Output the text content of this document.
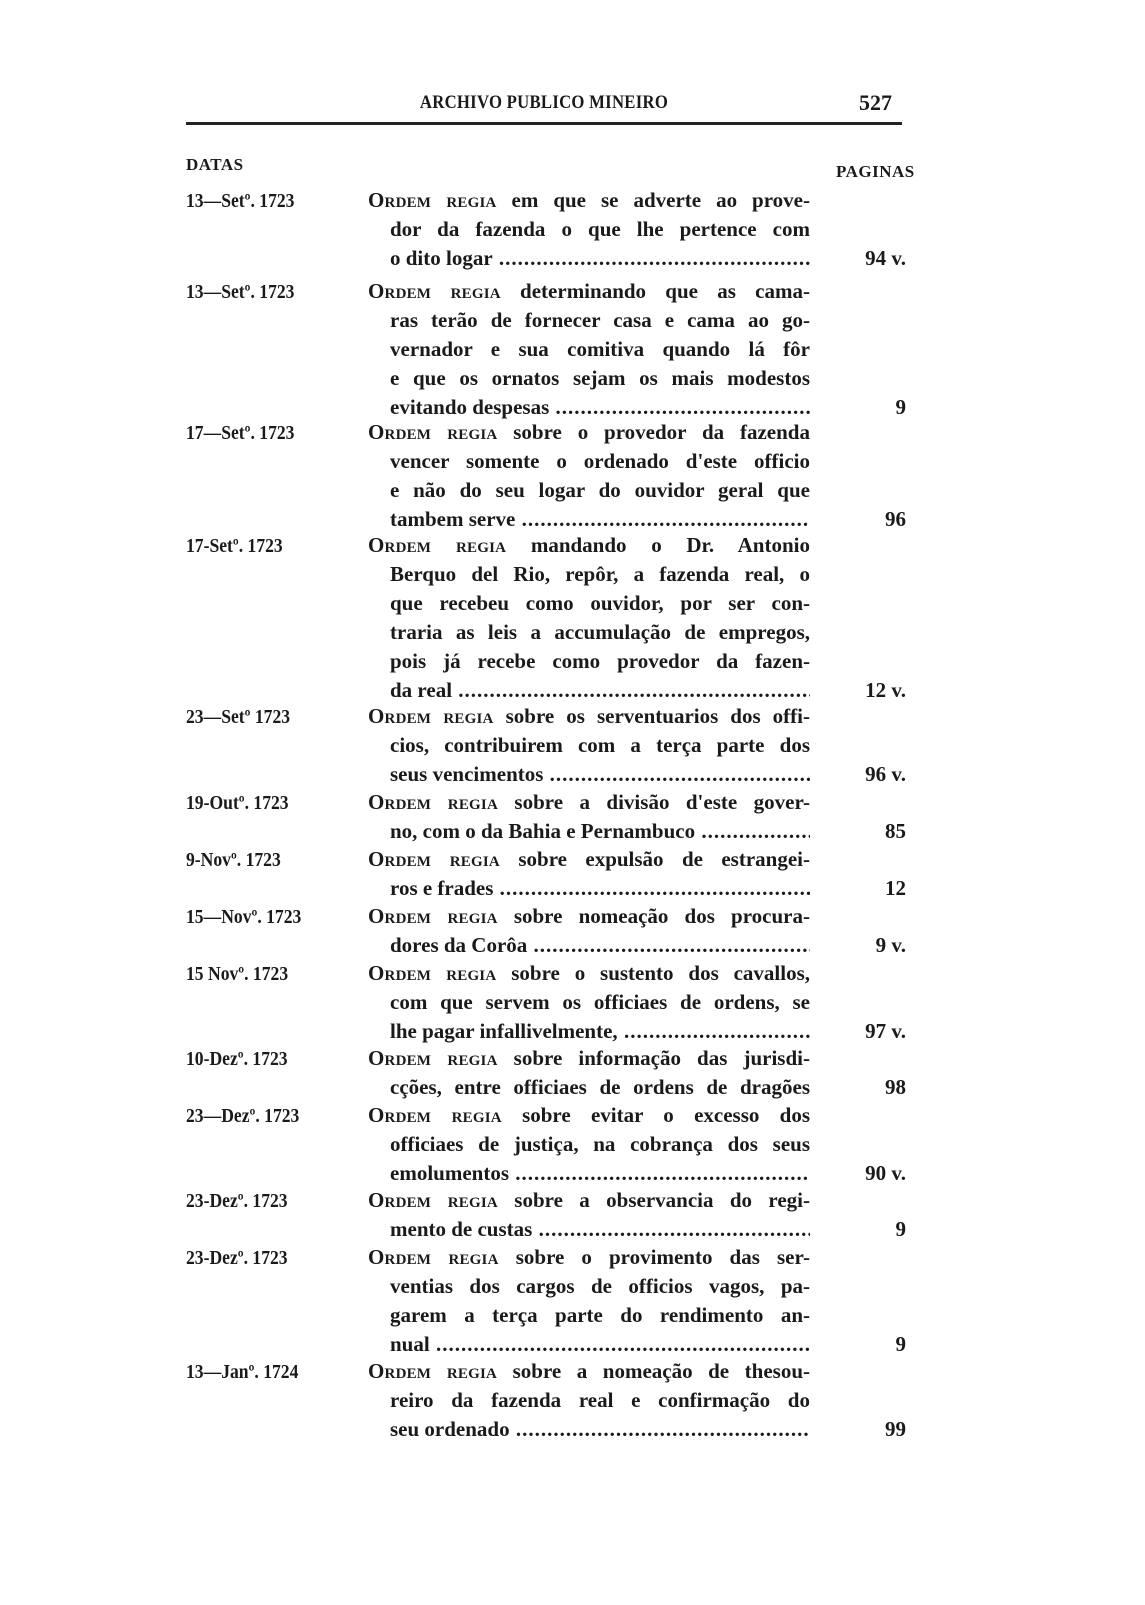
ARCHIVO PUBLICO MINEIRO	527
DATAS	PAGINAS
13—Setº. 1723	Ordem regia em que se adverte ao prove-
dor da fazenda o que lhe pertence com
o dito logar .....	94 v.
13—Setº. 1723	Ordem regia determinando que as cama-
ras terão de fornecer casa e cama ao go-
vernador e sua comitiva quando lá fôr
e que os ornatos sejam os mais modestos
evitando despesas .....	9
17—Setº. 1723	Ordem regia sobre o provedor da fazenda
vencer somente o ordenado d'este officio
e não do seu logar do ouvidor geral que
tambem serve .....	96
17-Setº. 1723	Ordem regia mandando o Dr. Antonio
Berquo del Rio, repôr, a fazenda real, o
que recebeu como ouvidor, por ser con-
traria as leis a accumulação de empregos,
pois já recebe como provedor da fazen-
da real .....	12 v.
23—Setº 1723	Ordem regia sobre os serventuarios dos offi-
cios, contribuirem com a terça parte dos
seus vencimentos .....	96 v.
19-Outº. 1723	Ordem regia sobre a divisão d'este gover-
no, com o da Bahia e Pernambuco .....	85
9-Novº. 1723	Ordem regia sobre expulsão de estrangei-
ros e frades .....	12
15—Novº. 1723	Ordem regia sobre nomeação dos procura-
dores da Corôa .....	9 v.
15 Novº. 1723	Ordem regia sobre o sustento dos cavallos,
com que servem os officiaes de ordens, se
lhe pagar infallivelmente, .....	97 v.
10-Dezº. 1723	Ordem regia sobre informação das jurisdi-
cções, entre officiaes de ordens de dragões	98
23—Dezº. 1723	Ordem regia sobre evitar o excesso dos
officiaes de justiça, na cobrança dos seus
emolumentos .....	90 v.
23-Dezº. 1723	Ordem regia sobre a observancia do regi-
mento de custas .....	9
23-Dezº. 1723	Ordem regia sobre o provimento das ser-
ventias dos cargos de officios vagos, pa-
garem a terça parte do rendimento an-
nual .....	9
13—Janº. 1724	Ordem regia sobre a nomeação de thesou-
reiro da fazenda real e confirmação do
seu ordenado .....	99
